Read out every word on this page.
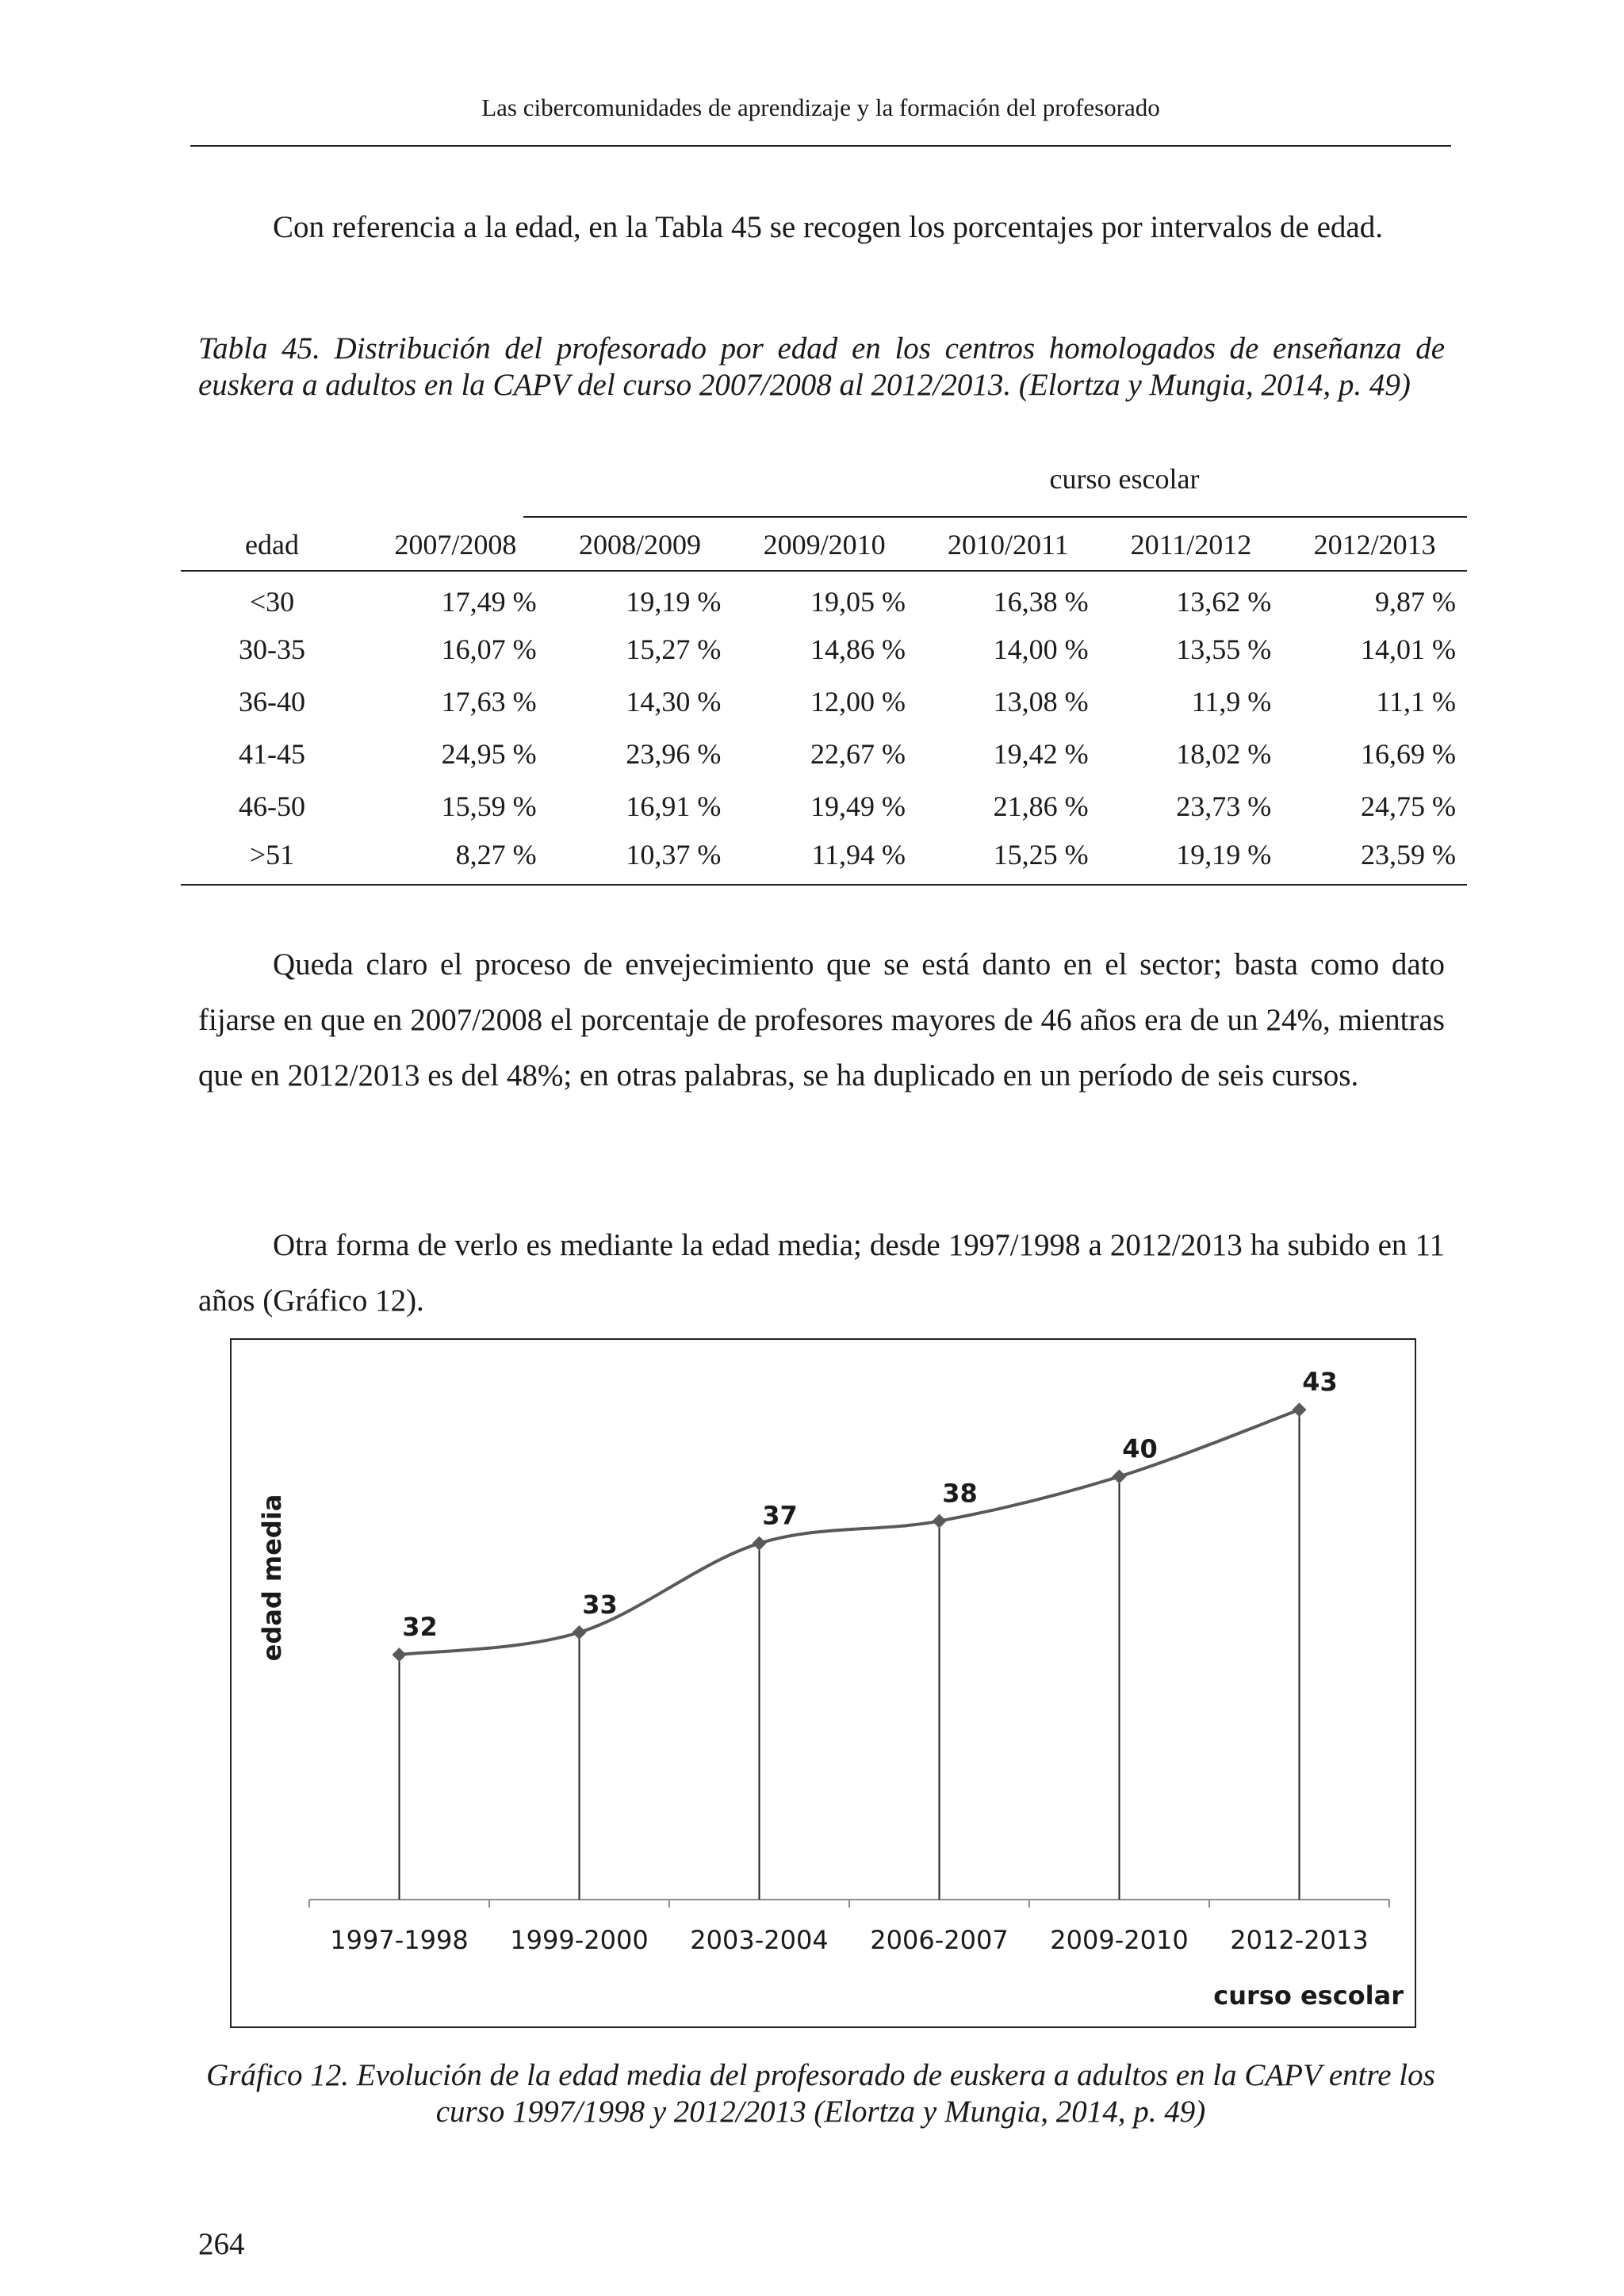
Las cibercomunidades de aprendizaje y la formación del profesorado

Con referencia a la edad, en la Tabla 45 se recogen los porcentajes por intervalos de edad.

Tabla 45. Distribución del profesorado por edad en los centros homologados de enseñanza de euskera a adultos en la CAPV del curso 2007/2008 al 2012/2013. (Elortza y Mungia, 2014, p. 49)

curso escolar
edad	2007/2008	2008/2009	2009/2010	2010/2011	2011/2012	2012/2013
<30	17,49 %	19,19 %	19,05 %	16,38 %	13,62 %	9,87 %
30-35	16,07 %	15,27 %	14,86 %	14,00 %	13,55 %	14,01 %
36-40	17,63 %	14,30 %	12,00 %	13,08 %	11,9 %	11,1 %
41-45	24,95 %	23,96 %	22,67 %	19,42 %	18,02 %	16,69 %
46-50	15,59 %	16,91 %	19,49 %	21,86 %	23,73 %	24,75 %
>51	8,27 %	10,37 %	11,94 %	15,25 %	19,19 %	23,59 %

Queda claro el proceso de envejecimiento que se está danto en el sector; basta como dato fijarse en que en 2007/2008 el porcentaje de profesores mayores de 46 años era de un 24%, mientras que en 2012/2013 es del 48%; en otras palabras, se ha duplicado en un período de seis cursos.

Otra forma de verlo es mediante la edad media; desde 1997/1998 a 2012/2013 ha subido en 11 años (Gráfico 12).

32
33
37
38
40
43
1997-1998 1999-2000 2003-2004 2006-2007 2009-2010 2012-2013
edad media
curso escolar

Gráfico 12. Evolución de la edad media del profesorado de euskera a adultos en la CAPV entre los curso 1997/1998 y 2012/2013 (Elortza y Mungia, 2014, p. 49)

264
